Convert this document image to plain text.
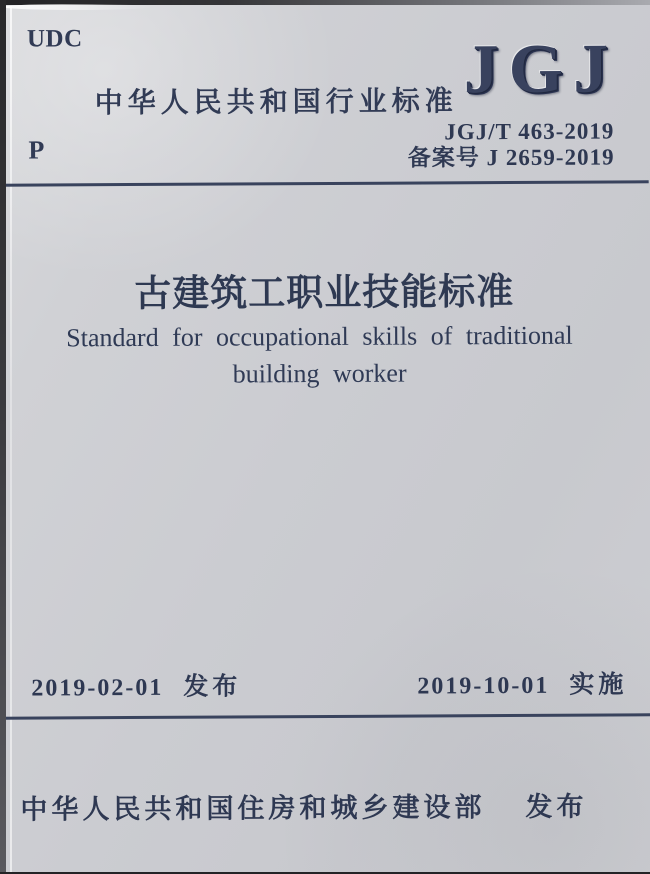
UDC
中华人民共和国行业标准 JGJ
JGJ/T 463-2019
备案号 J 2659-2019
P
古建筑工职业技能标准
Standard for occupational skills of traditional
building worker
2019-02-01 发布	2019-10-01 实施
中华人民共和国住房和城乡建设部 发布
